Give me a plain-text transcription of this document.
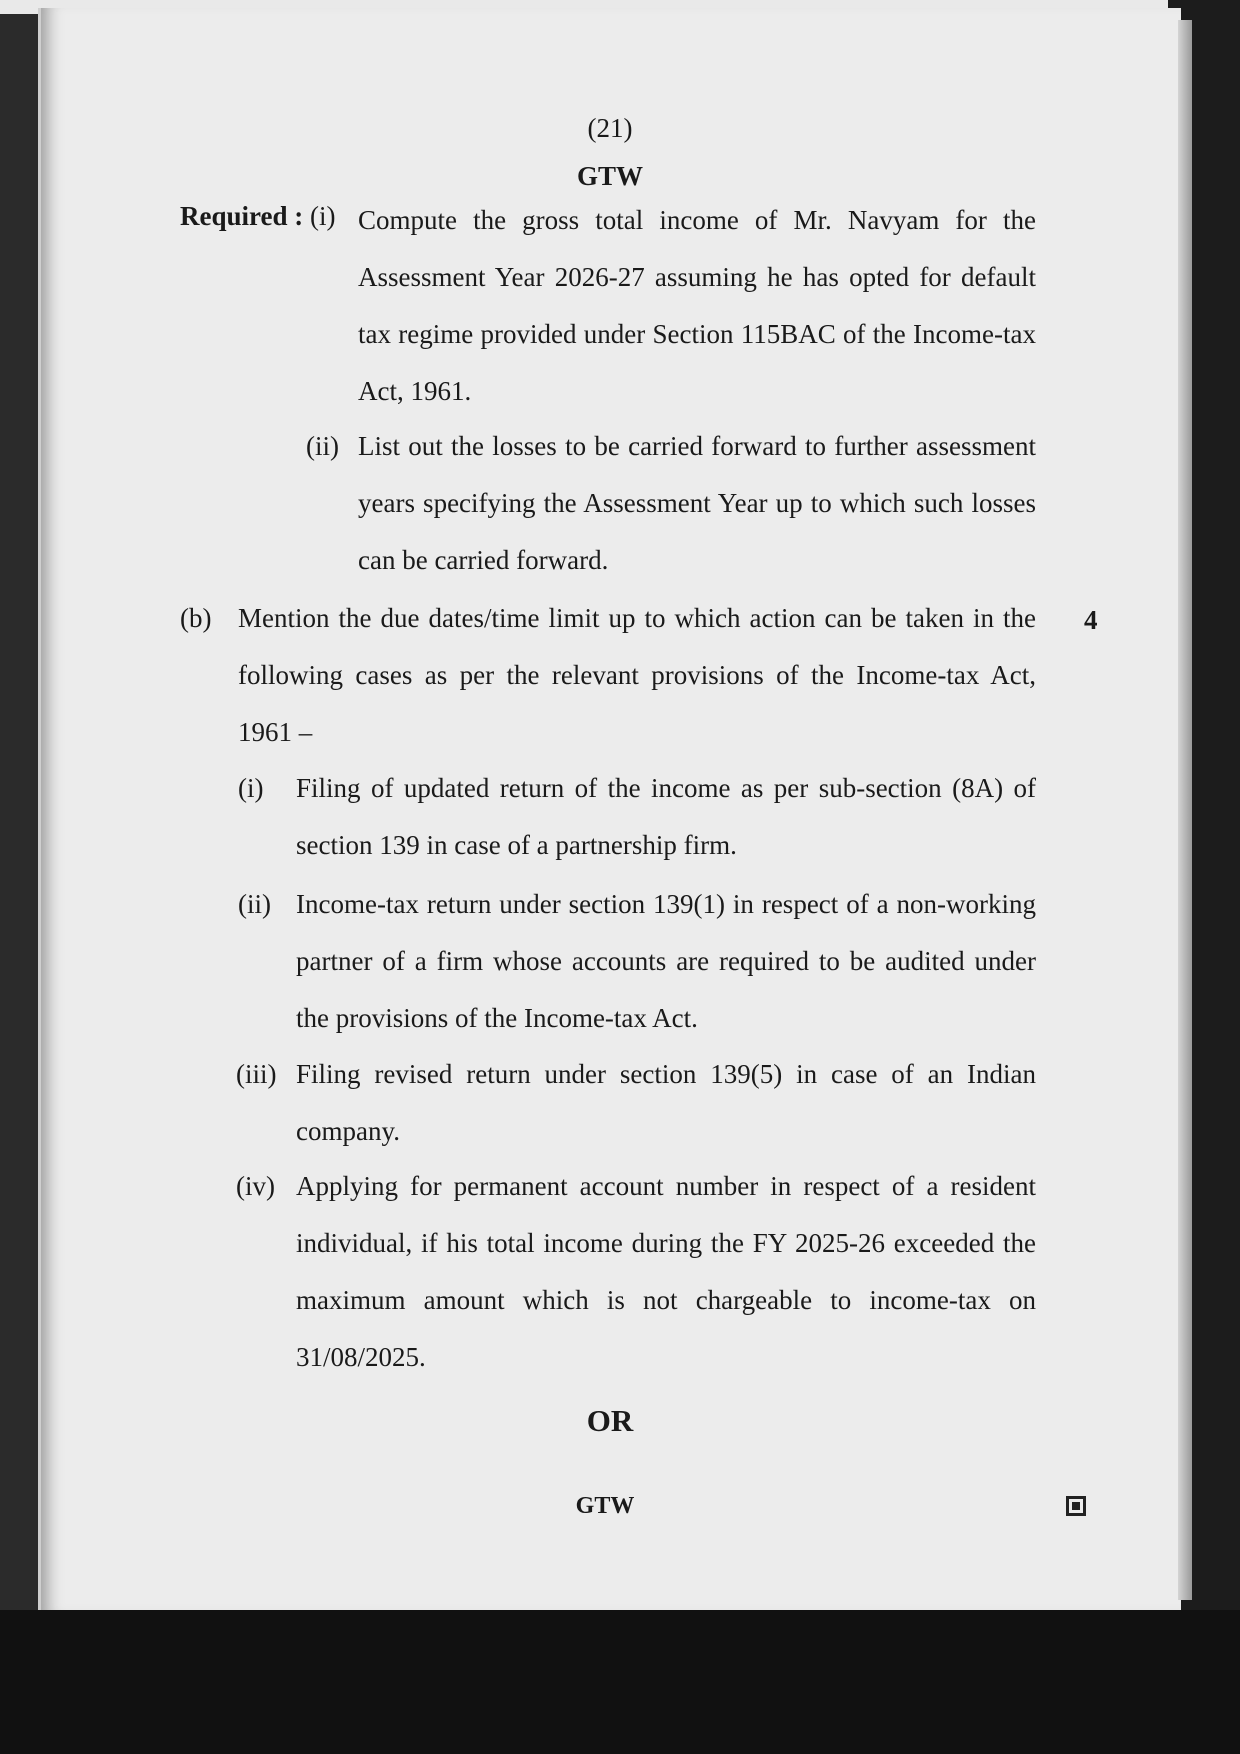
(21)
GTW
Required : (i) Compute the gross total income of Mr. Navyam for the Assessment Year 2026-27 assuming he has opted for default tax regime provided under Section 115BAC of the Income-tax Act, 1961.
(ii) List out the losses to be carried forward to further assessment years specifying the Assessment Year up to which such losses can be carried forward.
(b) Mention the due dates/time limit up to which action can be taken in the following cases as per the relevant provisions of the Income-tax Act, 1961 –
4
(i) Filing of updated return of the income as per sub-section (8A) of section 139 in case of a partnership firm.
(ii) Income-tax return under section 139(1) in respect of a non-working partner of a firm whose accounts are required to be audited under the provisions of the Income-tax Act.
(iii) Filing revised return under section 139(5) in case of an Indian company.
(iv) Applying for permanent account number in respect of a resident individual, if his total income during the FY 2025-26 exceeded the maximum amount which is not chargeable to income-tax on 31/08/2025.
OR
GTW
